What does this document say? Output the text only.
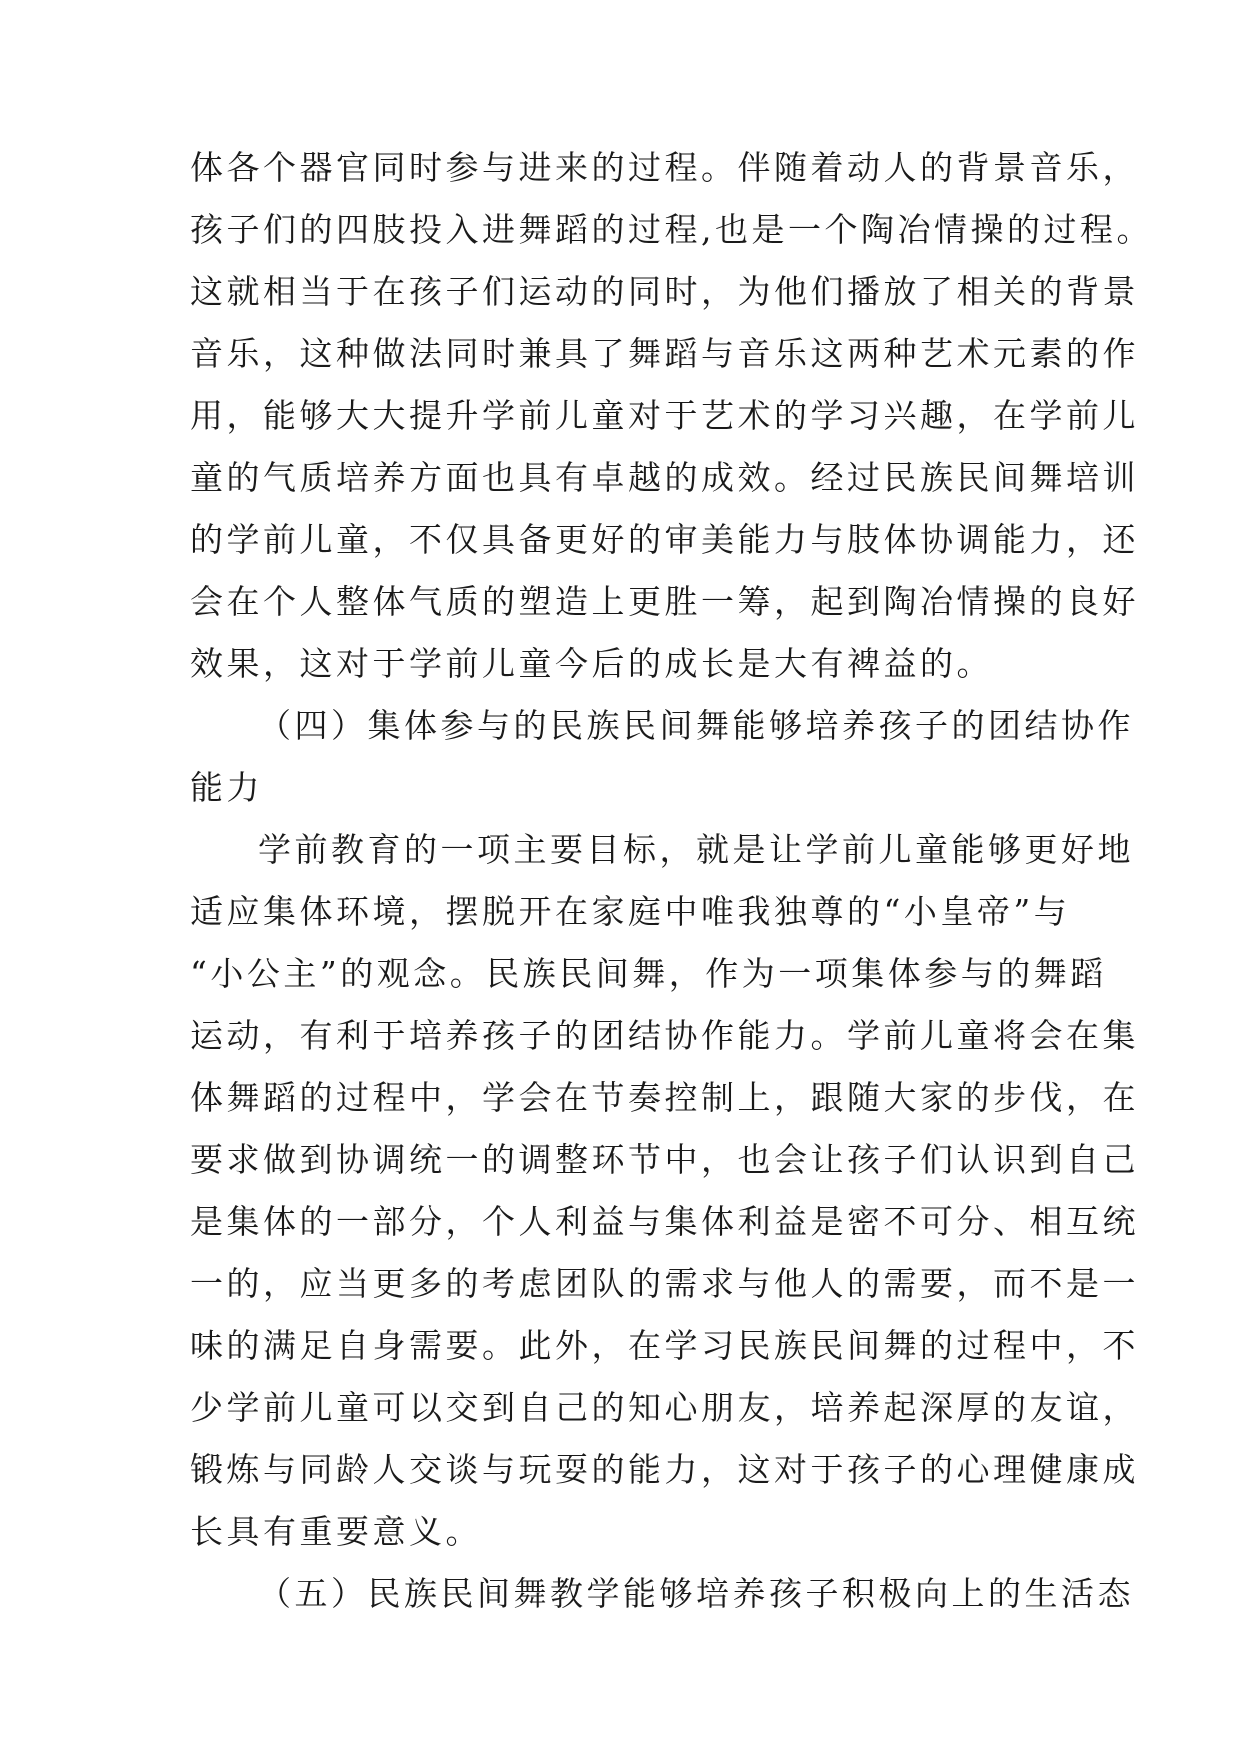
体各个器官同时参与进来的过程。伴随着动人的背景音乐，
孩子们的四肢投入进舞蹈的过程,也是一个陶冶情操的过程。
这就相当于在孩子们运动的同时，为他们播放了相关的背景
音乐，这种做法同时兼具了舞蹈与音乐这两种艺术元素的作
用，能够大大提升学前儿童对于艺术的学习兴趣，在学前儿
童的气质培养方面也具有卓越的成效。经过民族民间舞培训
的学前儿童，不仅具备更好的审美能力与肢体协调能力，还
会在个人整体气质的塑造上更胜一筹，起到陶冶情操的良好
效果，这对于学前儿童今后的成长是大有裨益的。
（四）集体参与的民族民间舞能够培养孩子的团结协作
能力
学前教育的一项主要目标，就是让学前儿童能够更好地
适应集体环境，摆脱开在家庭中唯我独尊的“小皇帝”与
“小公主”的观念。民族民间舞，作为一项集体参与的舞蹈
运动，有利于培养孩子的团结协作能力。学前儿童将会在集
体舞蹈的过程中，学会在节奏控制上，跟随大家的步伐，在
要求做到协调统一的调整环节中，也会让孩子们认识到自己
是集体的一部分，个人利益与集体利益是密不可分、相互统
一的，应当更多的考虑团队的需求与他人的需要，而不是一
味的满足自身需要。此外，在学习民族民间舞的过程中，不
少学前儿童可以交到自己的知心朋友，培养起深厚的友谊，
锻炼与同龄人交谈与玩耍的能力，这对于孩子的心理健康成
长具有重要意义。
（五）民族民间舞教学能够培养孩子积极向上的生活态
